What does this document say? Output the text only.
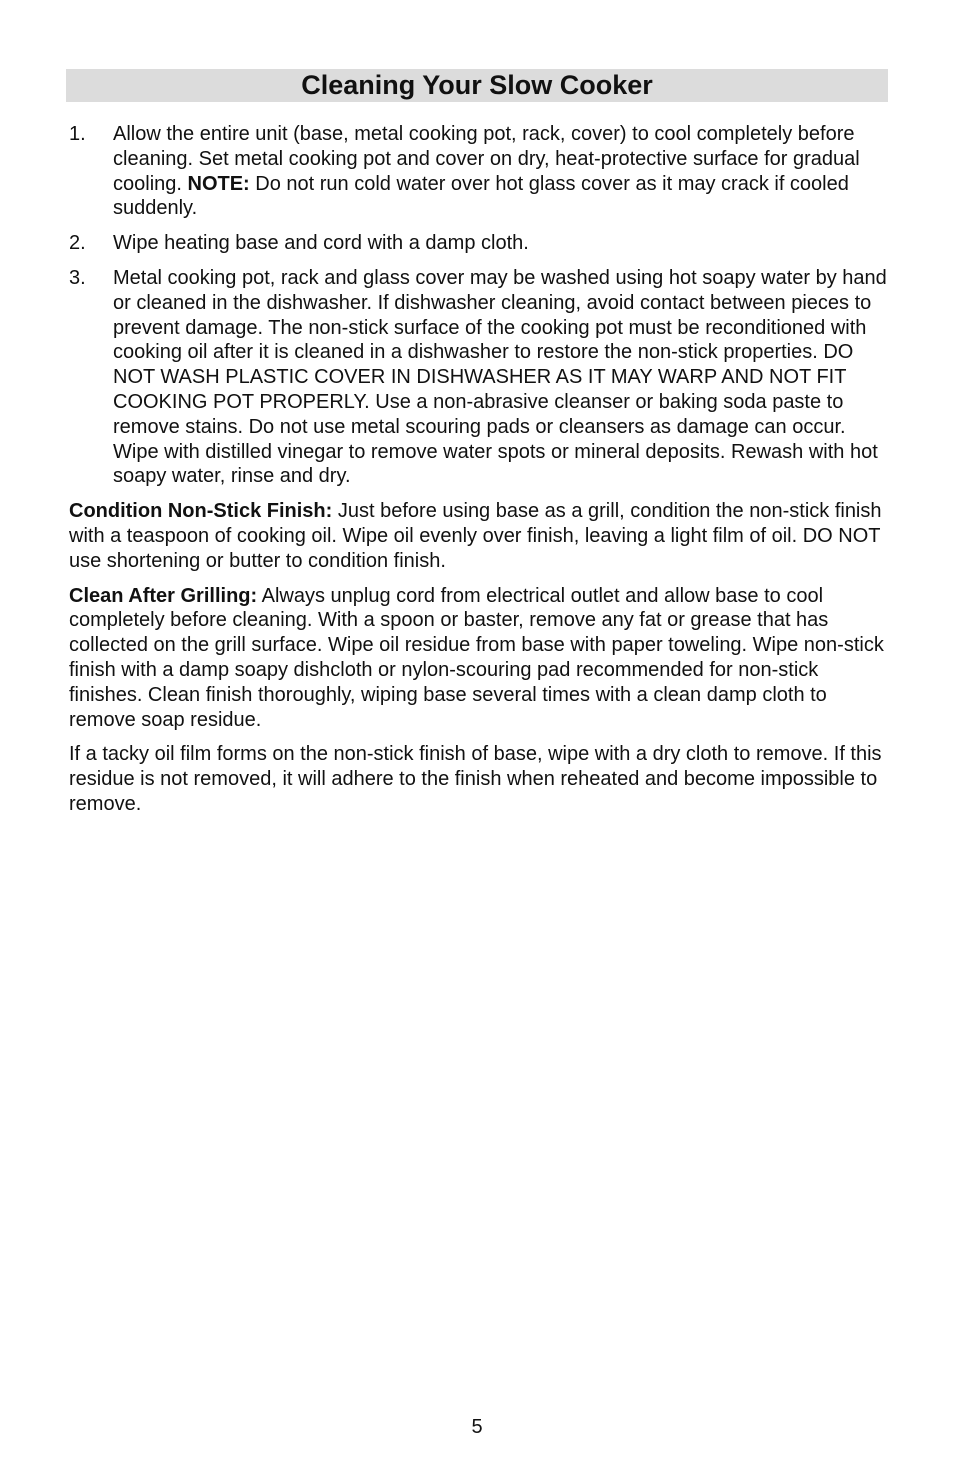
Cleaning Your Slow Cooker
1. Allow the entire unit (base, metal cooking pot, rack, cover) to cool completely before cleaning. Set metal cooking pot and cover on dry, heat-protective surface for gradual cooling. NOTE: Do not run cold water over hot glass cover as it may crack if cooled suddenly.
2. Wipe heating base and cord with a damp cloth.
3. Metal cooking pot, rack and glass cover may be washed using hot soapy water by hand or cleaned in the dishwasher. If dishwasher cleaning, avoid contact between pieces to prevent damage. The non-stick surface of the cooking pot must be reconditioned with cooking oil after it is cleaned in a dishwasher to restore the non-stick properties. DO NOT WASH PLASTIC COVER IN DISHWASHER AS IT MAY WARP AND NOT FIT COOKING POT PROPERLY. Use a non-abrasive cleanser or baking soda paste to remove stains. Do not use metal scouring pads or cleansers as damage can occur. Wipe with distilled vinegar to remove water spots or mineral deposits. Rewash with hot soapy water, rinse and dry.

Condition Non-Stick Finish: Just before using base as a grill, condition the non-stick finish with a teaspoon of cooking oil. Wipe oil evenly over finish, leaving a light film of oil. DO NOT use shortening or butter to condition finish.

Clean After Grilling: Always unplug cord from electrical outlet and allow base to cool completely before cleaning. With a spoon or baster, remove any fat or grease that has collected on the grill surface. Wipe oil residue from base with paper toweling. Wipe non-stick finish with a damp soapy dishcloth or nylon-scouring pad recommended for non-stick finishes. Clean finish thoroughly, wiping base several times with a clean damp cloth to remove soap residue.

If a tacky oil film forms on the non-stick finish of base, wipe with a dry cloth to remove. If this residue is not removed, it will adhere to the finish when reheated and become impossible to remove.

5
